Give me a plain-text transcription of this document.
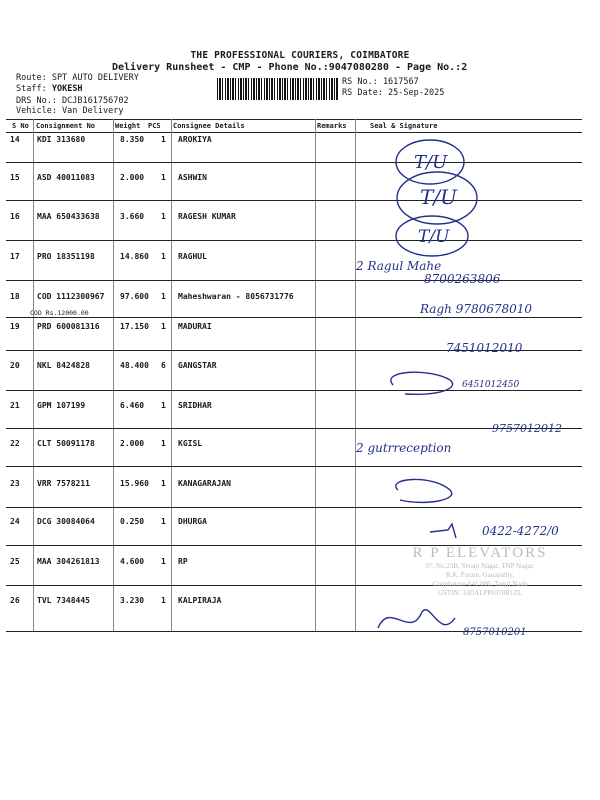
THE PROFESSIONAL COURIERS, COIMBATORE
Delivery Runsheet - CMP - Phone No.:9047080280 - Page No.:2
Route: SPT AUTO DELIVERY
Staff: YOKESH
DRS No.: DCJB161756702
Vehicle: Van Delivery
RS No.: 1617567
RS Date: 25-Sep-2025
S No Consignment No	Weight PCS Consignee Details	Remarks	Seal & Signature
14 KDI 313680	8.350 1 AROKIYA
15 ASD 40011083	2.000 1 ASHWIN
16 MAA 650433638	3.660 1 RAGESH KUMAR
17 PRO 18351198	14.860 1 RAGHUL
18 COD 1112300967 97.600 1 Maheshwaran - 8056731776
COD Rs.12000.00
19 PRD 600081316	17.150 1 MADURAI
20 NKL 8424828	48.400 6 GANGSTAR
21 GPM 107199	6.460 1 SRIDHAR
22 CLT 50091178	2.000 1 KGISL
23 VRR 7578211	15.960 1 KANAGARAJAN
24 DCG 30084064	0.250 1 DHURGA
25 MAA 304261813	4.600 1 RP
26 TVL 7348445	3.230 1 KALPIRAJA
R P ELEVATORS
97, No.23B, Sivani Nagar, TNP Nagar,
R.K. Puram, Ganapathy,
Coimbatore-641 006, Tamil Nadu
GSTIN: 33DALPP0370R1ZL
T/U
T/U
T/U
2 Ragul Mahe
8700263806
Ragh 9780678010
7451012010
6451012450
9757012012
2 gutrreception
0422-4272/0
8757010201
